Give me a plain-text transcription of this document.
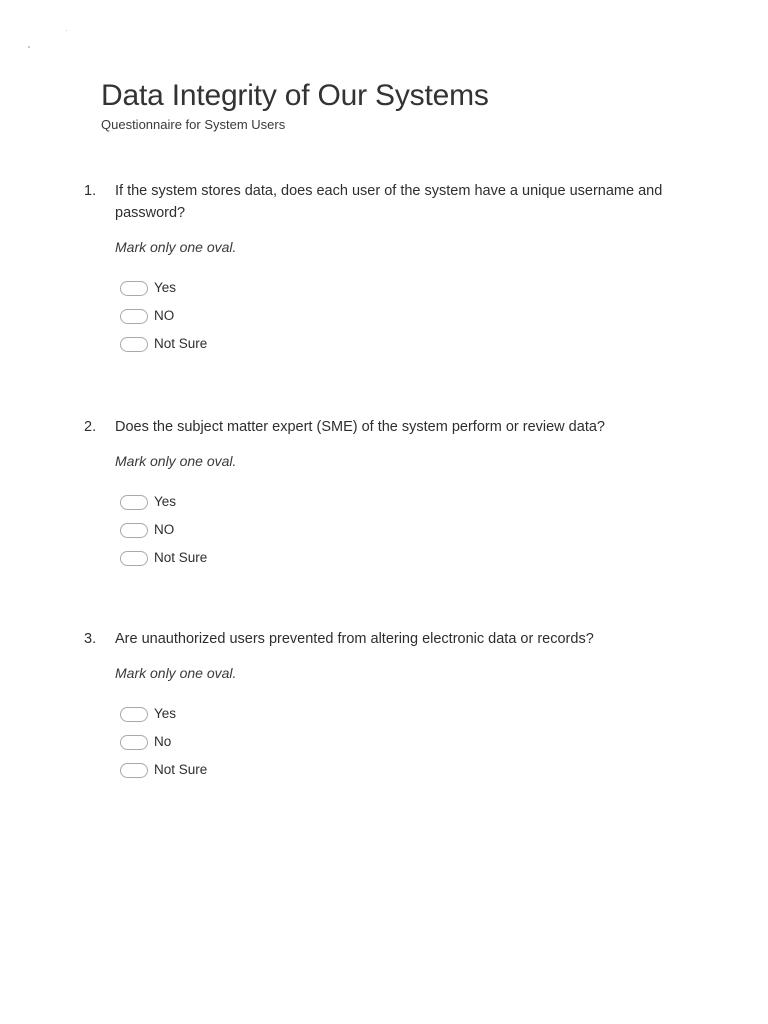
Data Integrity of Our Systems
Questionnaire for System Users
1.	If the system stores data, does each user of the system have a unique username and password?
Mark only one oval.
Yes
NO
Not Sure
2.	Does the subject matter expert (SME) of the system perform or review data?
Mark only one oval.
Yes
NO
Not Sure
3.	Are unauthorized users prevented from altering electronic data or records?
Mark only one oval.
Yes
No
Not Sure
